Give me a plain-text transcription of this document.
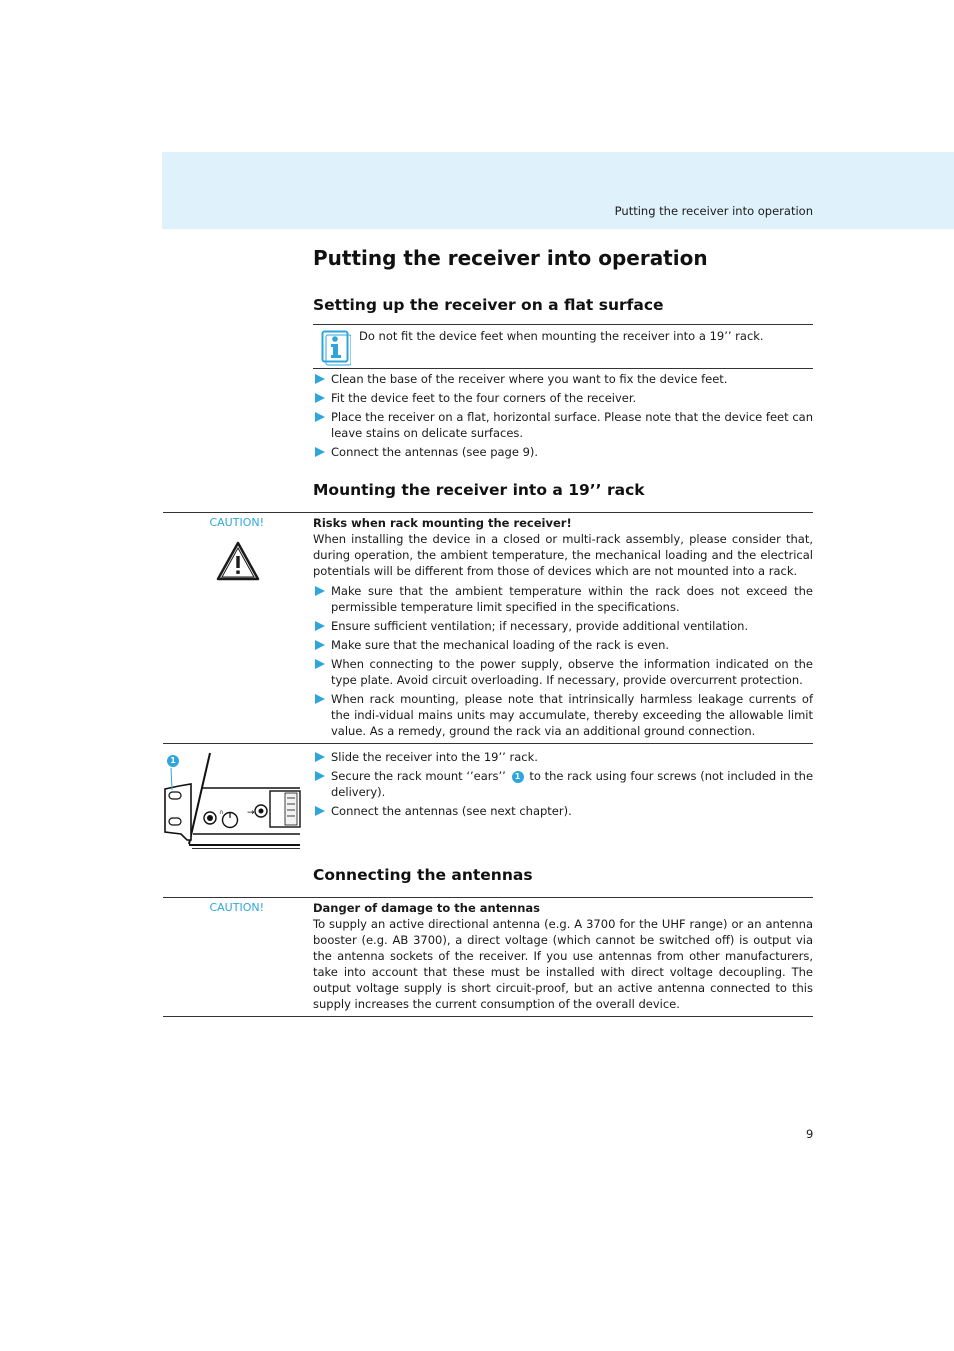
Putting the receiver into operation
Putting the receiver into operation
Setting up the receiver on a flat surface
Do not fit the device feet when mounting the receiver into a 19’’ rack.
Clean the base of the receiver where you want to fix the device feet.
Fit the device feet to the four corners of the receiver.
Place the receiver on a flat, horizontal surface. Please note that the device feet can leave stains on delicate surfaces.
Connect the antennas (see page 9).
Mounting the receiver into a 19’’ rack
CAUTION!	Risks when rack mounting the receiver!
When installing the device in a closed or multi-rack assembly, please consider that, during operation, the ambient temperature, the mechanical loading and the electrical potentials will be different from those of devices which are not mounted into a rack.
Make sure that the ambient temperature within the rack does not exceed the permissible temperature limit specified in the specifications.
Ensure sufficient ventilation; if necessary, provide additional ventilation.
Make sure that the mechanical loading of the rack is even.
When connecting to the power supply, observe the information indicated on the type plate. Avoid circuit overloading. If necessary, provide overcurrent protection.
When rack mounting, please note that intrinsically harmless leakage currents of the indi-vidual mains units may accumulate, thereby exceeding the allowable limit value. As a remedy, ground the rack via an additional ground connection.
∩	→
1	Slide the receiver into the 19’’ rack.
Secure the rack mount ‘’ears’’ 1 to the rack using four screws (not included in the delivery).
Connect the antennas (see next chapter).
Connecting the antennas
CAUTION!	Danger of damage to the antennas
To supply an active directional antenna (e.g. A 3700 for the UHF range) or an antenna booster (e.g. AB 3700), a direct voltage (which cannot be switched off) is output via the antenna sockets of the receiver. If you use antennas from other manufacturers, take into account that these must be installed with direct voltage decoupling. The output voltage supply is short circuit-proof, but an active antenna connected to this supply increases the current consumption of the overall device.
9
